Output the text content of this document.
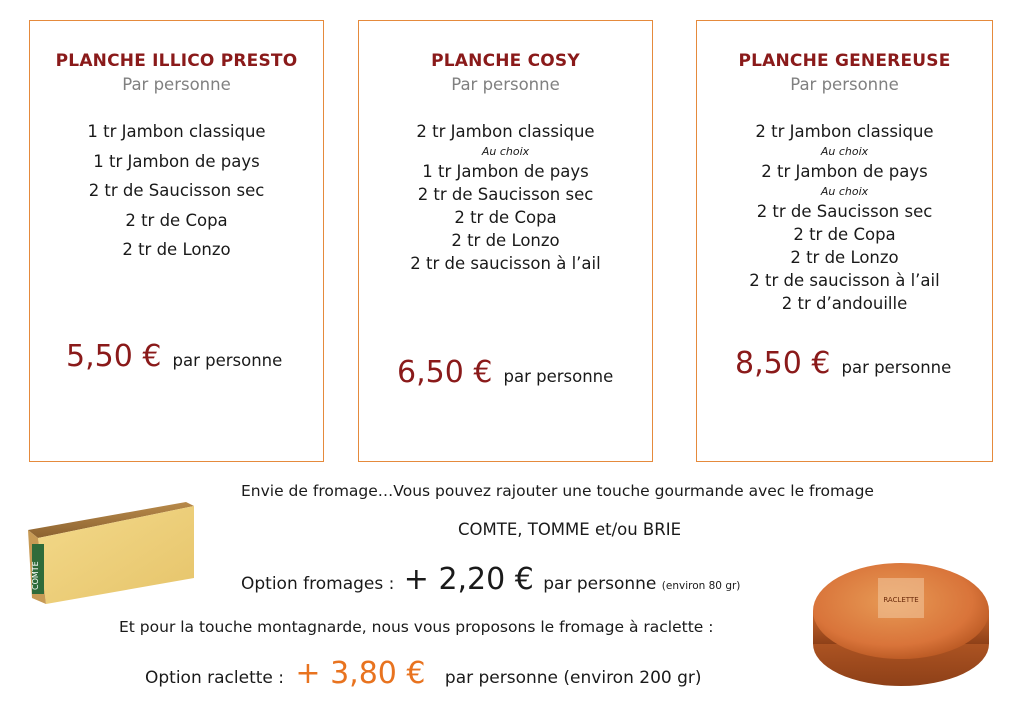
PLANCHE ILLICO PRESTO
Par personne
1 tr Jambon classique
1 tr Jambon de pays
2 tr de Saucisson sec
2 tr de Copa
2 tr de Lonzo
5,50 € par personne
PLANCHE COSY
Par personne
2 tr Jambon classique
Au choix
1 tr Jambon de pays
2 tr de Saucisson sec
2 tr de Copa
2 tr de Lonzo
2 tr de saucisson à l’ail
6,50 € par personne
PLANCHE GENEREUSE
Par personne
2 tr Jambon classique
Au choix
2 tr Jambon de pays
Au choix
2 tr de Saucisson sec
2 tr de Copa
2 tr de Lonzo
2 tr de saucisson à l’ail
2 tr d’andouille
8,50 € par personne
COMTE
RACLETTE
Envie de fromage…Vous pouvez rajouter une touche gourmande avec le fromage
COMTE, TOMME et/ou BRIE
Option fromages : + 2,20 € par personne (environ 80 gr)
Et pour la touche montagnarde, nous vous proposons le fromage à raclette :
Option raclette : + 3,80 € par personne (environ 200 gr)
